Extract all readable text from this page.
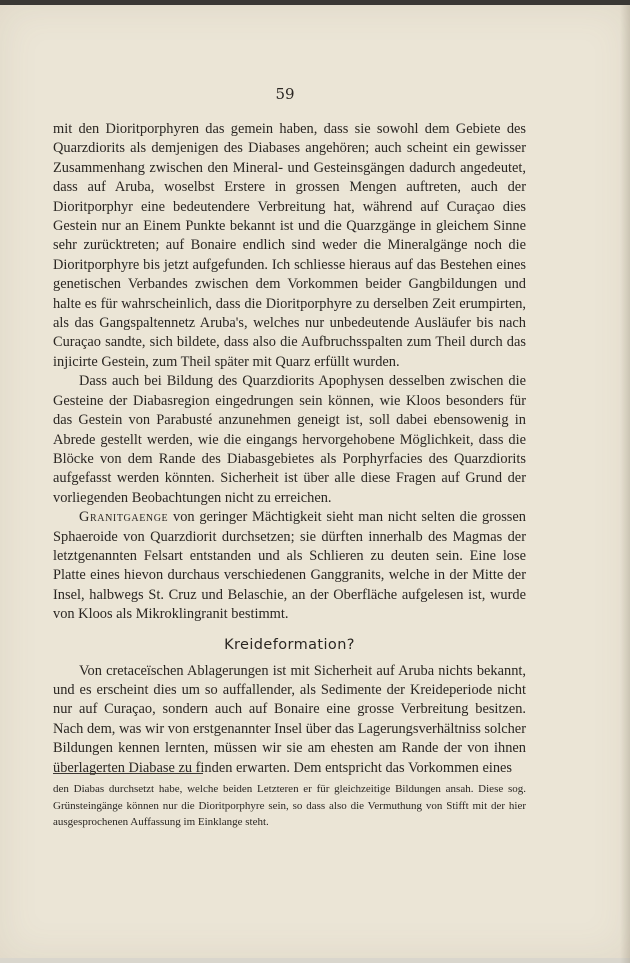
59

mit den Dioritporphyren das gemein haben, dass sie sowohl dem Gebiete des Quarzdiorits als demjenigen des Diabases angehören; auch scheint ein gewisser Zusammenhang zwischen den Mineral- und Gesteinsgängen dadurch angedeutet, dass auf Aruba, woselbst Erstere in grossen Mengen auftreten, auch der Dioritporphyr eine bedeutendere Verbreitung hat, während auf Curaçao dies Gestein nur an Einem Punkte bekannt ist und die Quarzgänge in gleichem Sinne sehr zurücktreten; auf Bonaire endlich sind weder die Mineralgänge noch die Dioritporphyre bis jetzt aufgefunden. Ich schliesse hieraus auf das Bestehen eines genetischen Verbandes zwischen dem Vorkommen beider Gangbildungen und halte es für wahrscheinlich, dass die Dioritporphyre zu derselben Zeit erumpirten, als das Gangspaltennetz Aruba's, welches nur unbedeutende Ausläufer bis nach Curaçao sandte, sich bildete, dass also die Aufbruchsspalten zum Theil durch das injicirte Gestein, zum Theil später mit Quarz erfüllt wurden.

Dass auch bei Bildung des Quarzdiorits Apophysen desselben zwischen die Gesteine der Diabasregion eingedrungen sein können, wie Kloos besonders für das Gestein von Parabusté anzunehmen geneigt ist, soll dabei ebensowenig in Abrede gestellt werden, wie die eingangs hervorgehobene Möglichkeit, dass die Blöcke von dem Rande des Diabasgebietes als Porphyrfacies des Quarzdiorits aufgefasst werden könnten. Sicherheit ist über alle diese Fragen auf Grund der vorliegenden Beobachtungen nicht zu erreichen.

Granitgaenge von geringer Mächtigkeit sieht man nicht selten die grossen Sphaeroide von Quarzdiorit durchsetzen; sie dürften innerhalb des Magmas der letztgenannten Felsart entstanden und als Schlieren zu deuten sein. Eine lose Platte eines hievon durchaus verschiedenen Ganggranits, welche in der Mitte der Insel, halbwegs St. Cruz und Belaschie, an der Oberfläche aufgelesen ist, wurde von Kloos als Mikroklingranit bestimmt.

Kreideformation?

Von cretaceïschen Ablagerungen ist mit Sicherheit auf Aruba nichts bekannt, und es erscheint dies um so auffallender, als Sedimente der Kreideperiode nicht nur auf Curaçao, sondern auch auf Bonaire eine grosse Verbreitung besitzen. Nach dem, was wir von erstgenannter Insel über das Lagerungsverhältniss solcher Bildungen kennen lernten, müssen wir sie am ehesten am Rande der von ihnen überlagerten Diabase zu finden erwarten. Dem entspricht das Vorkommen eines

den Diabas durchsetzt habe, welche beiden Letzteren er für gleichzeitige Bildungen ansah. Diese sog. Grünsteingänge können nur die Dioritporphyre sein, so dass also die Vermuthung von Stifft mit der hier ausgesprochenen Auffassung im Einklange steht.
